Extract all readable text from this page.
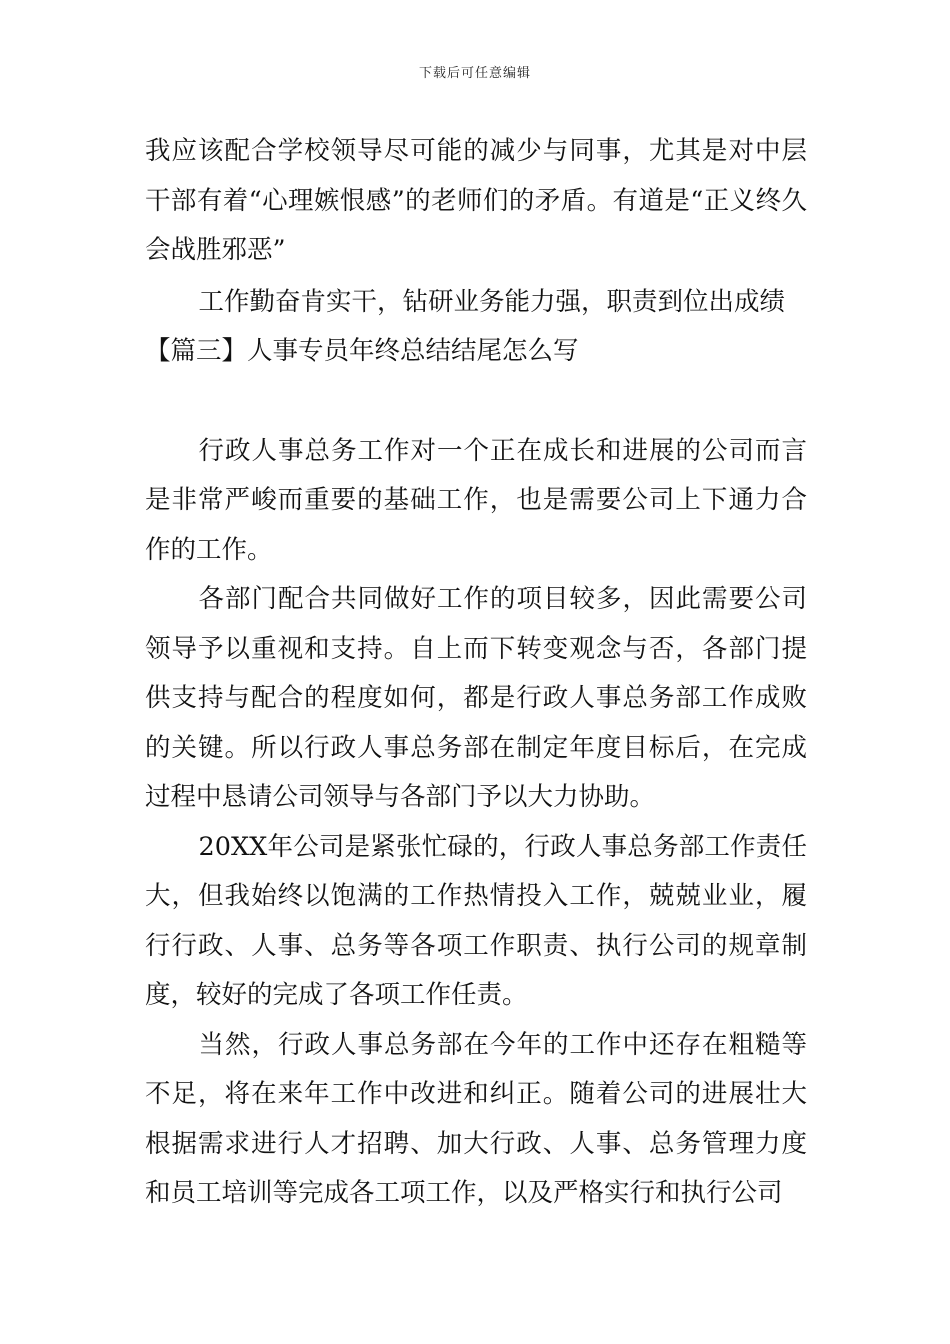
下载后可任意编辑

我应该配合学校领导尽可能的减少与同事，尤其是对中层干部有着“心理嫉恨感”的老师们的矛盾。有道是“正义终久会战胜邪恶”

工作勤奋肯实干，钻研业务能力强，职责到位出成绩

【篇三】人事专员年终总结结尾怎么写

行政人事总务工作对一个正在成长和进展的公司而言是非常严峻而重要的基础工作，也是需要公司上下通力合作的工作。

各部门配合共同做好工作的项目较多，因此需要公司领导予以重视和支持。自上而下转变观念与否，各部门提供支持与配合的程度如何，都是行政人事总务部工作成败的关键。所以行政人事总务部在制定年度目标后，在完成过程中恳请公司领导与各部门予以大力协助。

20XX年公司是紧张忙碌的，行政人事总务部工作责任大，但我始终以饱满的工作热情投入工作，兢兢业业，履行行政、人事、总务等各项工作职责、执行公司的规章制度，较好的完成了各项工作任责。

当然，行政人事总务部在今年的工作中还存在粗糙等不足，将在来年工作中改进和纠正。随着公司的进展壮大根据需求进行人才招聘、加大行政、人事、总务管理力度和员工培训等完成各工项工作，以及严格实行和执行公司
